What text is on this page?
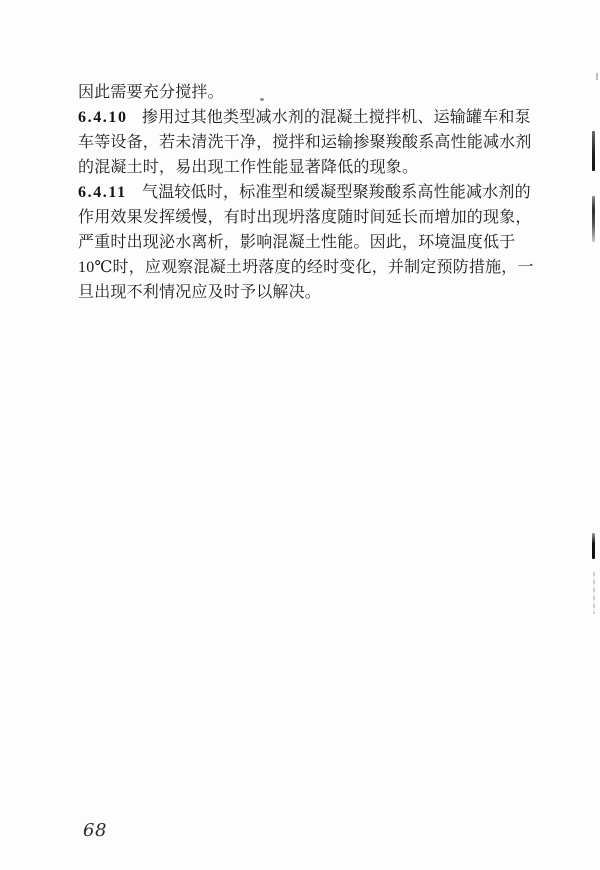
因此需要充分搅拌。

6.4.10 掺用过其他类型减水剂的混凝土搅拌机、运输罐车和泵

车等设备，若未清洗干净，搅拌和运输掺聚羧酸系高性能减水剂

的混凝土时，易出现工作性能显著降低的现象。

6.4.11 气温较低时，标准型和缓凝型聚羧酸系高性能减水剂的

作用效果发挥缓慢，有时出现坍落度随时间延长而增加的现象，

严重时出现泌水离析，影响混凝土性能。因此，环境温度低于

10℃时，应观察混凝土坍落度的经时变化，并制定预防措施，一

旦出现不利情况应及时予以解决。

68
